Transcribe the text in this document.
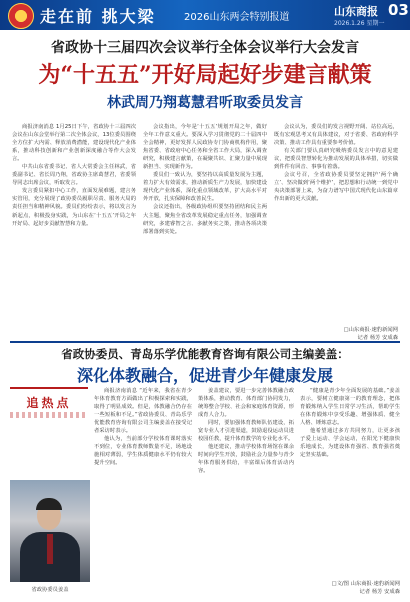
走在前 挑大梁	2026山东两会特别报道	山东商报 03
2026.1.26 星期一
省政协十三届四次会议举行全体会议举行大会发言
为“十五五”开好局起好步建言献策
林武周乃翔葛慧君听取委员发言

商报济南消息 1月25日下午，省政协十三届四次会议在山东会堂举行第二次全体会议，13位委员围绕全方位扩大内需、释放消费潜能，建设现代化产业体系，推动科技创新和产业创新深度融合等作大会发言。

中共山东省委书记、省人大常委会主任林武，省委副书记、省长周乃翔，省政协主席葛慧君，省委领导同志出席会议，听取发言。

发言委员紧扣中心工作，直面发展难题，建言务实管用，充分展现了政协委员履职尽责、服务大局的责任担当和精神风貌。委员们纷纷表示，将以发言为新起点，积极投身实践，为山东在‘十五五’开局之年开好局、起好步贡献智慧和力量。

会议指出，今年是‘十五五’规划开局之年，做好全年工作意义重大。要深入学习贯彻党的二十届四中全会精神，更好发挥人民政协专门协商机构作用，聚焦省委、省政府中心任务和全省工作大局，深入调查研究，积极建言献策，在凝聚共识、汇聚力量中展现新担当、实现新作为。

委员们一致认为，要坚持以高质量发展为主题，着力扩大有效需求，推动新质生产力发展，加快建设现代化产业体系，深化重点领域改革，扩大高水平对外开放，扎实保障和改善民生。

会议还指出，各级政协组织要坚持团结和民主两大主题，聚焦全省改革发展稳定重点任务，加强调查研究，多建睿智之言、多献务实之策，推动各项决策部署落到实处。

会议认为，委员们的发言视野开阔、站位高远，既有宏观思考又有具体建议，对于省委、省政府科学决策、推动工作具有重要参考价值。

有关部门要认真研究吸纳委员发言中的意见建议，把委员智慧转化为推动发展的具体举措，切实做到件件有回音、事事有着落。

会议号召，全省政协委员要坚定拥护‘两个确立’、坚决做到‘两个维护’，把思想和行动统一到党中央决策部署上来，为奋力谱写中国式现代化山东篇章作出新的更大贡献。

□山东商报·速豹新闻网
记者 杨芳 安成森
省政协委员、青岛乐学优能教育咨询有限公司主编姜盖：
深化体教融合，促进青少年健康发展
追热点
省政协委员姜盖

商报济南消息 “近年来，我省在青少年体育教育方面做出了积极探索和实践，取得了明显成效。但是，体教融合仍存在一些短板和不足。”省政协委员、青岛乐学优能教育咨询有限公司主编姜盖在接受记者采访时表示。

他认为，当前部分学校体育课时落实不到位，专业体育教师数量不足，场地设施相对薄弱，学生体质健康水平仍有较大提升空间。

姜盖建议，要进一步完善体教融合政策体系，推动教育、体育部门协同发力，统筹整合学校、社会和家庭体育资源，形成育人合力。

同时，要加强体育教师队伍建设，拓宽专业人才引进渠道，鼓励退役运动员进校园任教，提升体育教学的专业化水平。

他还建议，推动学校体育场馆在课余时间向学生开放，鼓励社会力量参与青少年体育服务供给，丰富课后体育活动内容。

“健康是青少年全面发展的基础。”姜盖表示，要树立健康第一的教育理念，把体育锻炼纳入学生日常学习生活，帮助学生在体育锻炼中享受乐趣、增强体质、健全人格、锤炼意志。

他希望通过多方共同努力，让更多孩子爱上运动、学会运动，在阳光下健康快乐地成长，为建设体育强省、教育强省奠定坚实基础。

□文/图 山东商报·速豹新闻网
记者 杨芳 安成森
